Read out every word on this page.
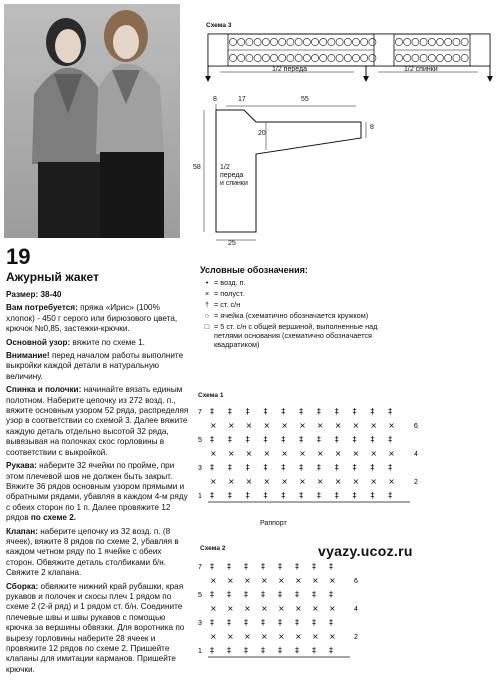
19
Ажурный жакет

Размер: 38-40

Вам потребуется: пряжа «Ирис» (100% хлопок) - 450 г серого или бирюзового цвета, крючок №0,85, застежки-крючки.

Основной узор: вяжите по схеме 1.

Внимание! перед началом работы выполните выкройки каждой детали в натуральную величину.

Спинка и полочки: начинайте вязать единым полотном. Наберите цепочку из 272 возд. п., вяжите основным узором 52 ряда, распределяя узор в соответствии со схемой 3. Далее вяжите каждую деталь отдельно высотой 32 ряда, вывязывая на полочках скос горловины в соответствии с выкройкой.

Рукава: наберите 32 ячейки по пройме, при этом плечевой шов не должен быть закрыт. Вяжите 36 рядов основным узором прямыми и обратными рядами, убавляя в каждом 4-м ряду с обеих сторон по 1 п. Далее провяжите 12 рядов по схеме 2.

Клапан: наберите цепочку из 32 возд. п. (8 ячеек), вяжите 8 рядов по схеме 2, убавляя в каждом четном ряду по 1 ячейке с обеих сторон. Обвяжите деталь столбиками б/н. Свяжите 2 клапана.

Сборка: обвяжите нижний край рубашки, края рукавов и полочек и скосы плеч 1 рядом по схеме 2 (2-й ряд) и 1 рядом ст. б/н. Соедините плечевые швы и швы рукавов с помощью крючка за вершины обвязки. Для воротника по вырезу горловины наберите 28 ячеек и провяжите 12 рядов по схеме 2. Пришейте клапаны для имитации карманов. Пришейте крючки.

Схема 3
1/2 переда	1/2 спинки
8	17	55
8
20
58
25
1/2
переда
и спинки
Условные обозначения:
• = возд. п.
× = полуст.
† = ст. с/н
○ = ячейка (схематично обозначается кружком)
□ = 5 ст. с/н с общей вершиной, выполненные над петлями основания (схематично обозначается квадратиком)
Схема 1
‡ ‡ ‡ ‡ ‡ ‡ ‡ ‡ ‡ ‡ ‡
7
× × × × × × × × × × ×	6
‡ ‡ ‡ ‡ ‡ ‡ ‡ ‡ ‡ ‡ ‡
5
× × × × × × × × × × ×	4
‡ ‡ ‡ ‡ ‡ ‡ ‡ ‡ ‡ ‡ ‡
3
× × × × × × × × × × ×	2
‡ ‡ ‡ ‡ ‡ ‡ ‡ ‡ ‡ ‡ ‡
1
Раппорт
Схема 2
‡ ‡ ‡ ‡ ‡ ‡ ‡ ‡
7
× × × × × × × ×	6
‡ ‡ ‡ ‡ ‡ ‡ ‡ ‡
5
× × × × × × × ×	4
‡ ‡ ‡ ‡ ‡ ‡ ‡ ‡
3
× × × × × × × ×	2
‡ ‡ ‡ ‡ ‡ ‡ ‡ ‡
1
vyazy.ucoz.ru
